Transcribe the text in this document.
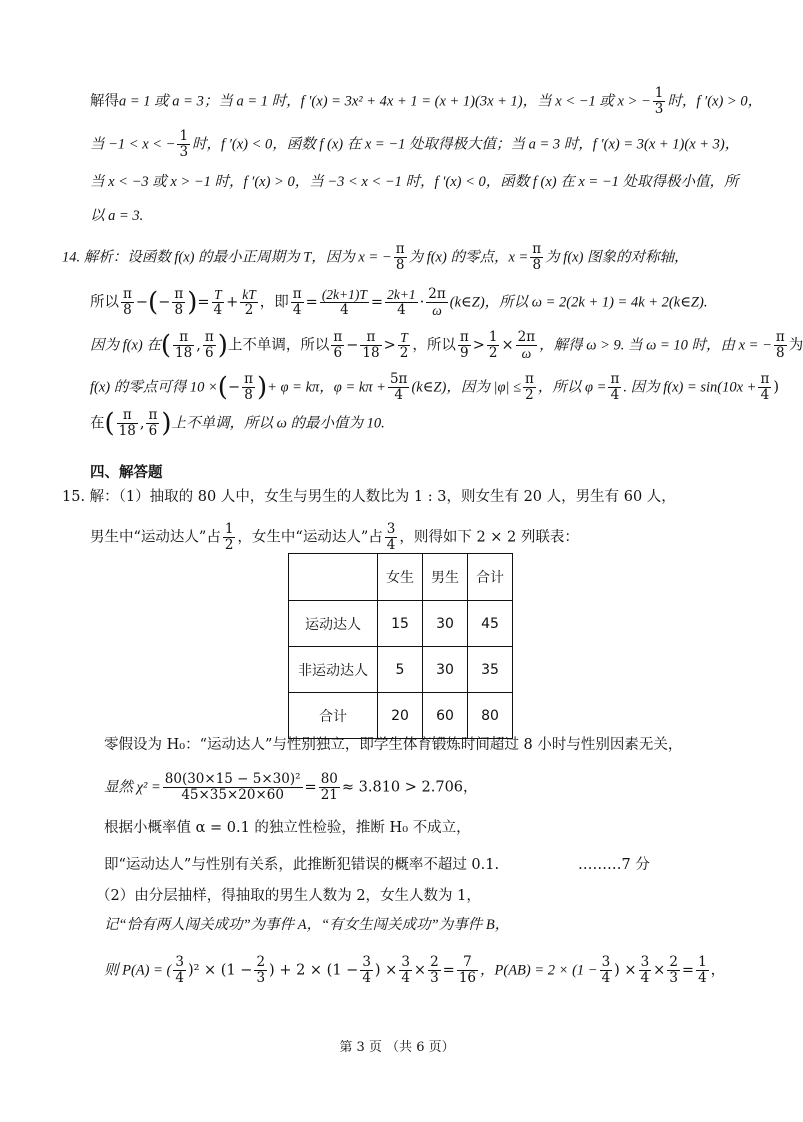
解得a = 1 或 a = 3；当 a = 1 时，f ′(x) = 3x² + 4x + 1 = (x + 1)(3x + 1)，当 x < −1 或 x > − $\frac{1}{3}$ 时，f ′(x) > 0，
当 −1 < x < − $\frac{1}{3}$ 时，f ′(x) < 0，函数 f (x) 在 x = −1 处取得极大值；当 a = 3 时，f ′(x) = 3(x + 1)(x + 3)，
当 x < −3 或 x > −1 时，f ′(x) > 0，当 −3 < x < −1 时，f ′(x) < 0，函数 f (x) 在 x = −1 处取得极小值，所
以 a = 3.
14. 解析：设函数 f(x) 的最小正周期为 T，因为 x = − $\frac{\pi}{8}$ 为 f(x) 的零点，$x = \frac{\pi}{8}$ 为 f(x) 图象的对称轴，
所以 $\frac{\pi}{8}$ −(− $\frac{\pi}{8}$ )= $\frac{T}{4} + \frac{kT}{2}$ ，即 $\frac{\pi}{4} = \frac{(2k+1)T}{4} = \frac{2k+1}{4} \cdot \frac{2\pi}{\omega}$ (k∈Z)，所以 ω = 2(2k + 1) = 4k + 2(k∈Z).
因为 f(x) 在( $\frac{\pi}{18}$ , $\frac{\pi}{6}$ )上不单调，所以 $\frac{\pi}{6} - \frac{\pi}{18} > \frac{T}{2}$ ，所以 $\frac{\pi}{9} > \frac{1}{2} \times \frac{2\pi}{\omega}$ ，解得 ω > 9. 当 ω = 10 时，由 x = − $\frac{\pi}{8}$ 为
f(x) 的零点可得 10 ×(− $\frac{\pi}{8}$ )+ φ = kπ，$\varphi = k\pi + \frac{5\pi}{4}$ (k∈Z)，因为 $|\varphi| \le \frac{\pi}{2}$ ，所以 $\varphi = \frac{\pi}{4}$ . 因为 $f(x) = \sin(10x + \frac{\pi}{4}$ )
在( $\frac{\pi}{18}$ , $\frac{\pi}{6}$ )上不单调，所以 ω 的最小值为 10.
四、解答题
15. 解：（1）抽取的 80 人中，女生与男生的人数比为 1 : 3，则女生有 20 人，男生有 60 人，
男生中“运动达人”占 $\frac{1}{2}$ ，女生中“运动达人”占 $\frac{3}{4}$ ，则得如下 2 × 2 列联表：
	女生	男生	合计
运动达人	15	30	45
非运动达人	5	30	35
合计	20	60	80
零假设为 H₀：“运动达人”与性别独立，即学生体育锻炼时间超过 8 小时与性别因素无关，
显然 $\chi^2 = \frac{\text{80(30×15 − 5×30)²}}{45\times 35\times 20\times 60} = \frac{80}{21} \approx 3.810 > 2.706$，
根据小概率值 α = 0.1 的独立性检验，推断 H₀ 不成立，
即“运动达人”与性别有关系，此推断犯错误的概率不超过 0.1.	………7 分
（2）由分层抽样，得抽取的男生人数为 2，女生人数为 1，
记“恰有两人闯关成功”为事件 A，“有女生闯关成功”为事件 B，
则 P(A) = ( $\frac{3}{4} )^2 \times (1 - \frac{2}{3}$ ) + $2 \times (1 - \frac{3}{4}$ ) × $\frac{3}{4} \times \frac{2}{3} = \frac{7}{16}$ ，$P(AB) = 2 \times (1 - \frac{3}{4}$ ) × $\frac{3}{4} \times \frac{2}{3} = \frac{1}{4}$ ，
第 3 页 （共 6 页）
